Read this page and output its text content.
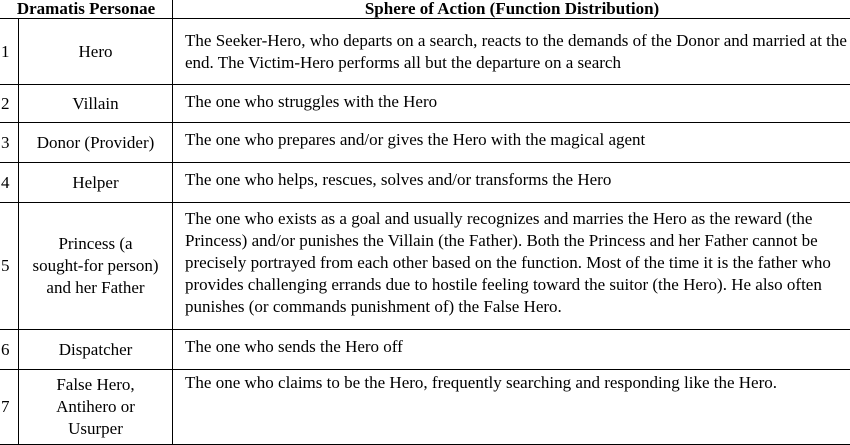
Dramatis Personae		Sphere of Action (Function Distribution)
1	Hero	The Seeker-Hero, who departs on a search, reacts to the demands of the Donor and married at the end. The Victim-Hero performs all but the departure on a search
2	Villain	The one who struggles with the Hero
3	Donor (Provider)	The one who prepares and/or gives the Hero with the magical agent
4	Helper	The one who helps, rescues, solves and/or transforms the Hero
5	Princess (a sought-for person) and her Father	The one who exists as a goal and usually recognizes and marries the Hero as the reward (the Princess) and/or punishes the Villain (the Father). Both the Princess and her Father cannot be precisely portrayed from each other based on the function. Most of the time it is the father who provides challenging errands due to hostile feeling toward the suitor (the Hero). He also often punishes (or commands punishment of) the False Hero.
6	Dispatcher	The one who sends the Hero off
7	False Hero, Antihero or Usurper	The one who claims to be the Hero, frequently searching and responding like the Hero.
